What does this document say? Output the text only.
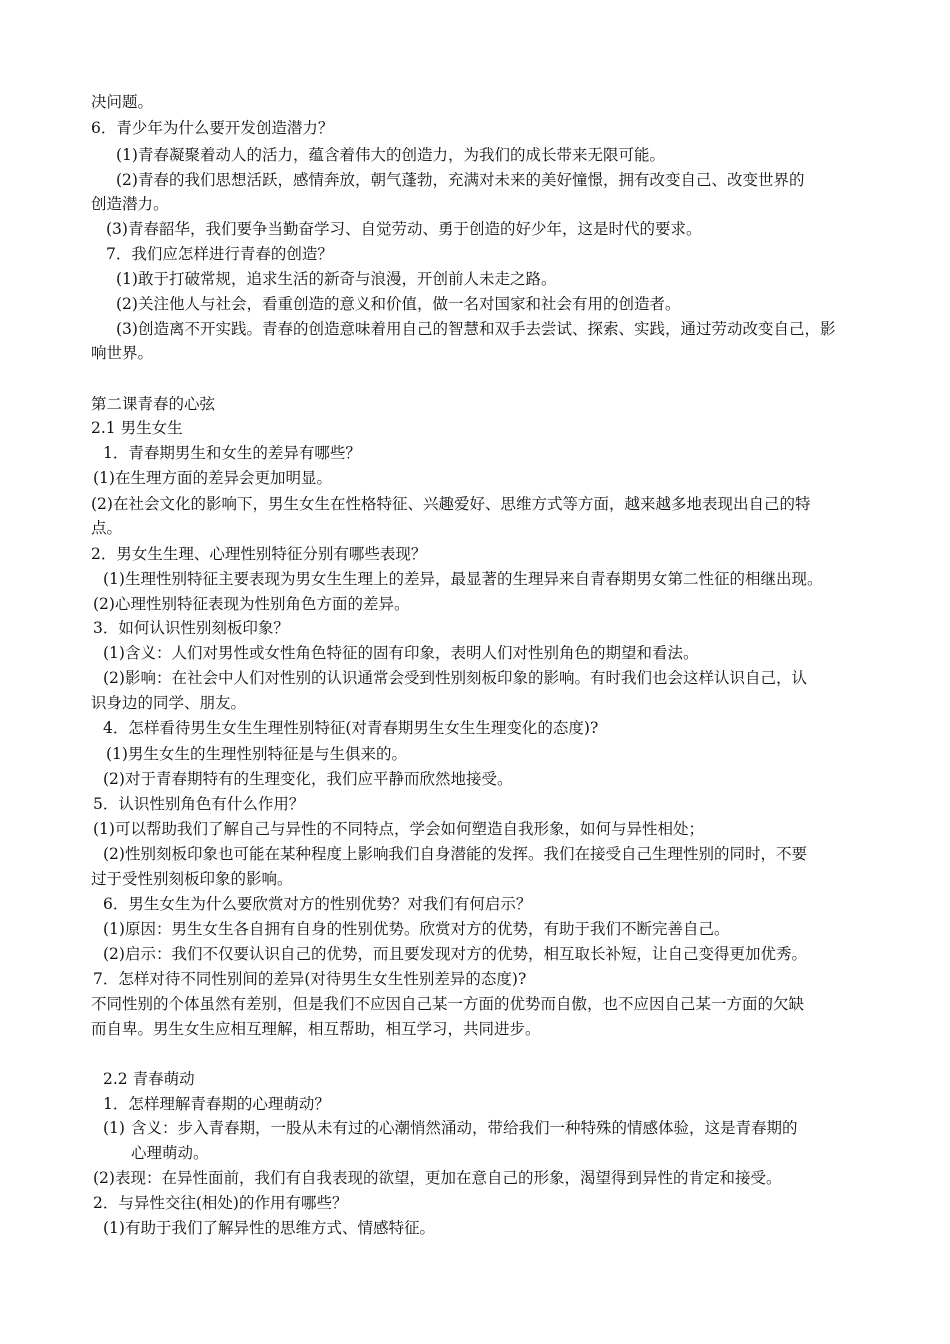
决问题。
6．青少年为什么要开发创造潜力？
(1)青春凝聚着动人的活力，蕴含着伟大的创造力，为我们的成长带来无限可能。
(2)青春的我们思想活跃，感情奔放，朝气蓬勃，充满对未来的美好憧憬，拥有改变自己、改变世界的
创造潜力。
(3)青春韶华，我们要争当勤奋学习、自觉劳动、勇于创造的好少年，这是时代的要求。
7．我们应怎样进行青春的创造？
(1)敢于打破常规，追求生活的新奇与浪漫，开创前人未走之路。
(2)关注他人与社会，看重创造的意义和价值，做一名对国家和社会有用的创造者。
(3)创造离不开实践。青春的创造意味着用自己的智慧和双手去尝试、探索、实践，通过劳动改变自己，影
响世界。
第二课青春的心弦
2.1 男生女生
1．青春期男生和女生的差异有哪些？
(1)在生理方面的差异会更加明显。
(2)在社会文化的影响下，男生女生在性格特征、兴趣爱好、思维方式等方面，越来越多地表现出自己的特
点。
2．男女生生理、心理性别特征分别有哪些表现？
(1)生理性别特征主要表现为男女生生理上的差异，最显著的生理异来自青春期男女第二性征的相继出现。
(2)心理性别特征表现为性别角色方面的差异。
3．如何认识性别刻板印象？
(1)含义：人们对男性或女性角色特征的固有印象，表明人们对性别角色的期望和看法。
(2)影响：在社会中人们对性别的认识通常会受到性别刻板印象的影响。有时我们也会这样认识自己，认
识身边的同学、朋友。
4．怎样看待男生女生生理性别特征(对青春期男生女生生理变化的态度)?
(1)男生女生的生理性别特征是与生俱来的。
(2)对于青春期特有的生理变化，我们应平静而欣然地接受。
5．认识性别角色有什么作用？
(1)可以帮助我们了解自己与异性的不同特点，学会如何塑造自我形象，如何与异性相处；
(2)性别刻板印象也可能在某种程度上影响我们自身潜能的发挥。我们在接受自己生理性别的同时，不要
过于受性别刻板印象的影响。
6．男生女生为什么要欣赏对方的性别优势？对我们有何启示？
(1)原因：男生女生各自拥有自身的性别优势。欣赏对方的优势，有助于我们不断完善自己。
(2)启示：我们不仅要认识自己的优势，而且要发现对方的优势，相互取长补短，让自己变得更加优秀。
7．怎样对待不同性别间的差异(对待男生女生性别差异的态度)?
不同性别的个体虽然有差别，但是我们不应因自己某一方面的优势而自傲，也不应因自己某一方面的欠缺
而自卑。男生女生应相互理解，相互帮助，相互学习，共同进步。
2.2 青春萌动
1．怎样理解青春期的心理萌动？
(1) 含义：步入青春期，一股从未有过的心潮悄然涌动，带给我们一种特殊的情感体验，这是青春期的
心理萌动。
(2)表现：在异性面前，我们有自我表现的欲望，更加在意自己的形象，渴望得到异性的肯定和接受。
2．与异性交往(相处)的作用有哪些？
(1)有助于我们了解异性的思维方式、情感特征。
